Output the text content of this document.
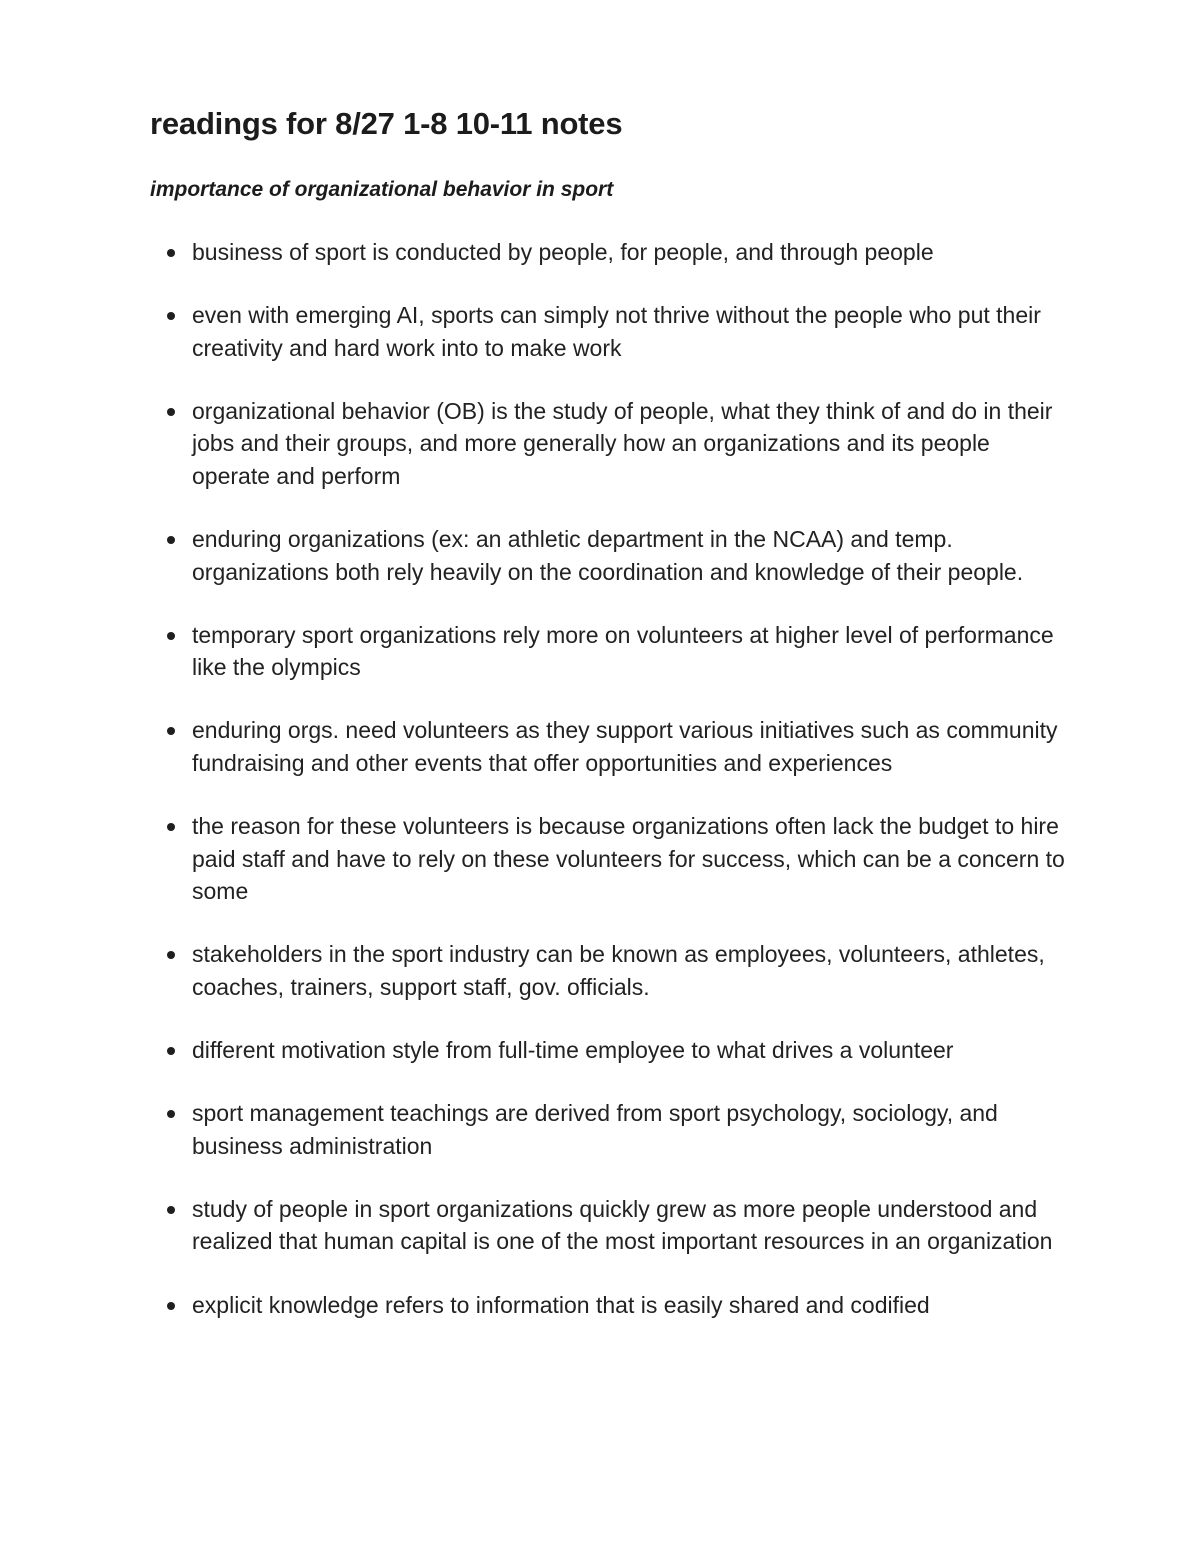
readings for 8/27 1-8 10-11 notes
importance of organizational behavior in sport
business of sport is conducted by people, for people, and through people
even with emerging AI, sports can simply not thrive without the people who put their creativity and hard work into to make work
organizational behavior (OB) is the study of people, what they think of and do in their jobs and their groups, and more generally how an organizations and its people operate and perform
enduring organizations (ex: an athletic department in the NCAA) and temp. organizations both rely heavily on the coordination and knowledge of their people.
temporary sport organizations rely more on volunteers at higher level of performance like the olympics
enduring orgs. need volunteers as they support various initiatives such as community fundraising and other events that offer opportunities and experiences
the reason for these volunteers is because organizations often lack the budget to hire paid staff and have to rely on these volunteers for success, which can be a concern to some
stakeholders in the sport industry can be known as employees, volunteers, athletes, coaches, trainers, support staff, gov. officials.
different motivation style from full-time employee to what drives a volunteer
sport management teachings are derived from sport psychology, sociology, and business administration
study of people in sport organizations quickly grew as more people understood and realized that human capital is one of the most important resources in an organization
explicit knowledge refers to information that is easily shared and codified
